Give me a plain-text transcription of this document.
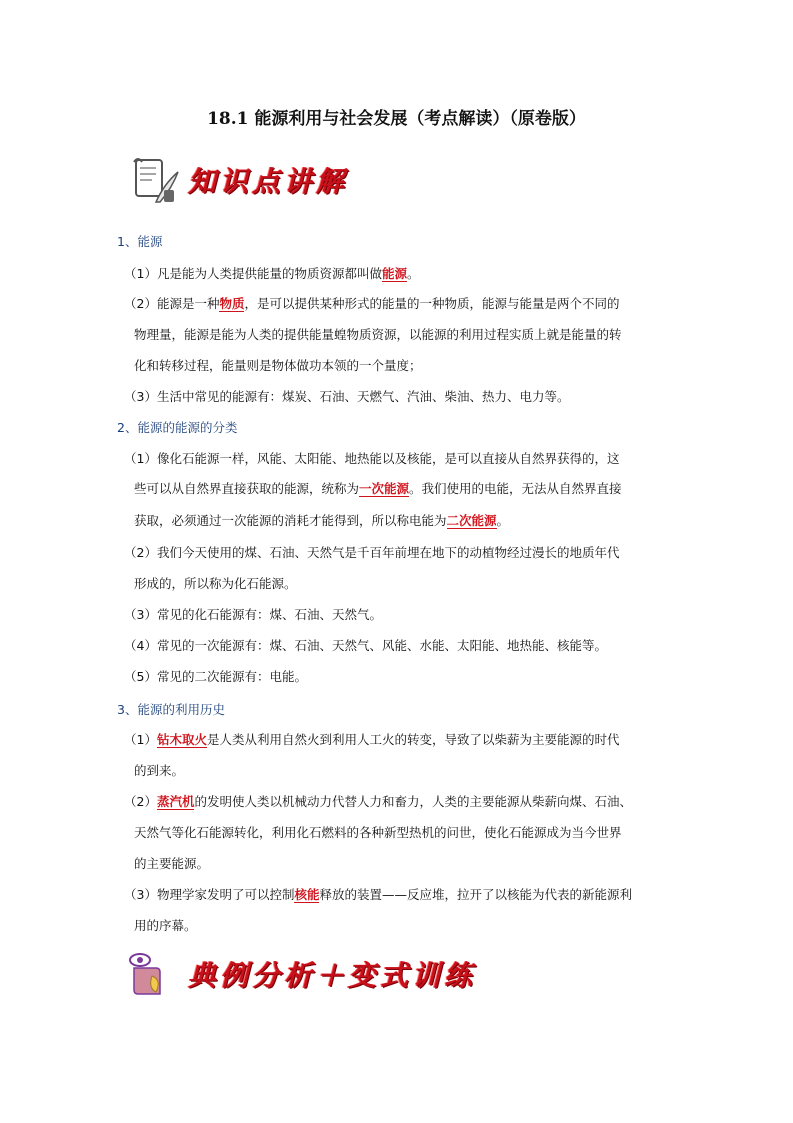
18.1 能源利用与社会发展（考点解读）（原卷版）
知识点讲解
1、能源
（1）凡是能为人类提供能量的物质资源都叫做能源。
（2）能源是一种物质，是可以提供某种形式的能量的一种物质，能源与能量是两个不同的
物理量，能源是能为人类的提供能量蝗物质资源，以能源的利用过程实质上就是能量的转
化和转移过程，能量则是物体做功本领的一个量度；
（3）生活中常见的能源有：煤炭、石油、天燃气、汽油、柴油、热力、电力等。
2、能源的能源的分类
（1）像化石能源一样，风能、太阳能、地热能以及核能，是可以直接从自然界获得的，这
些可以从自然界直接获取的能源，统称为一次能源。我们使用的电能，无法从自然界直接
获取，必须通过一次能源的消耗才能得到，所以称电能为二次能源。
（2）我们今天使用的煤、石油、天然气是千百年前埋在地下的动植物经过漫长的地质年代
形成的，所以称为化石能源。
（3）常见的化石能源有：煤、石油、天然气。
（4）常见的一次能源有：煤、石油、天然气、风能、水能、太阳能、地热能、核能等。
（5）常见的二次能源有：电能。
3、能源的利用历史
（1）钻木取火是人类从利用自然火到利用人工火的转变，导致了以柴薪为主要能源的时代
的到来。
（2）蒸汽机的发明使人类以机械动力代替人力和畜力，人类的主要能源从柴薪向煤、石油、
天然气等化石能源转化，利用化石燃料的各种新型热机的问世，使化石能源成为当今世界
的主要能源。
（3）物理学家发明了可以控制核能释放的装置——反应堆，拉开了以核能为代表的新能源利
用的序幕。
典例分析＋变式训练
